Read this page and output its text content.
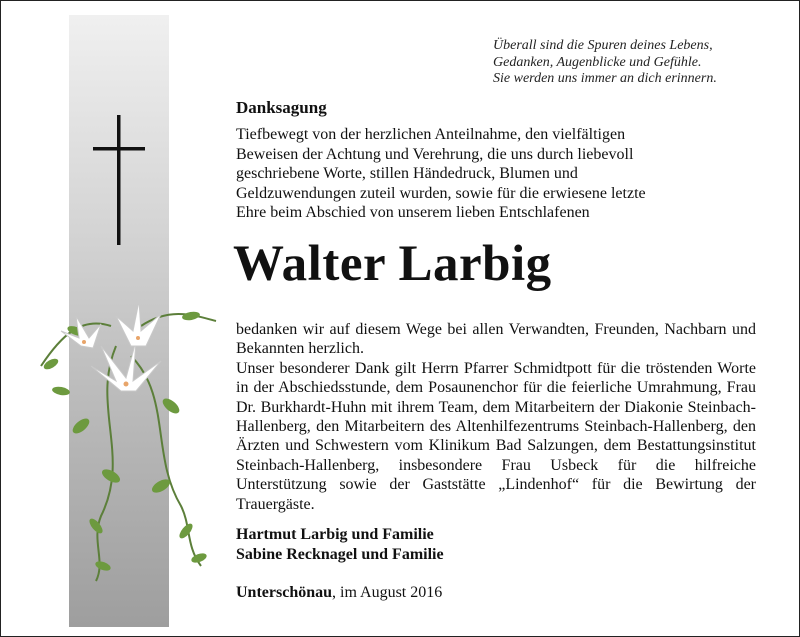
Überall sind die Spuren deines Lebens,
Gedanken, Augenblicke und Gefühle.
Sie werden uns immer an dich erinnern.
Danksagung
Tiefbewegt von der herzlichen Anteilnahme, den vielfältigen
Beweisen der Achtung und Verehrung, die uns durch liebevoll
geschriebene Worte, stillen Händedruck, Blumen und
Geldzuwendungen zuteil wurden, sowie für die erwiesene letzte
Ehre beim Abschied von unserem lieben Entschlafenen
Walter Larbig

bedanken wir auf diesem Wege bei allen Verwandten, Freunden, Nachbarn und Bekannten herzlich.

Unser besonderer Dank gilt Herrn Pfarrer Schmidtpott für die tröstenden Worte in der Abschiedsstunde, dem Posaunenchor für die feierliche Umrahmung, Frau Dr. Burkhardt-Huhn mit ihrem Team, dem Mitarbeitern der Diakonie Steinbach-Hallenberg, den Mitarbeitern des Altenhilfezentrums Steinbach-Hallenberg, den Ärzten und Schwestern vom Klinikum Bad Salzungen, dem Bestattungsinstitut Steinbach-Hallenberg, insbesondere Frau Usbeck für die hilfreiche Unterstützung sowie der Gaststätte „Lindenhof“ für die Bewirtung der Trauergäste.

Hartmut Larbig und Familie
Sabine Recknagel und Familie
Unterschönau, im August 2016
